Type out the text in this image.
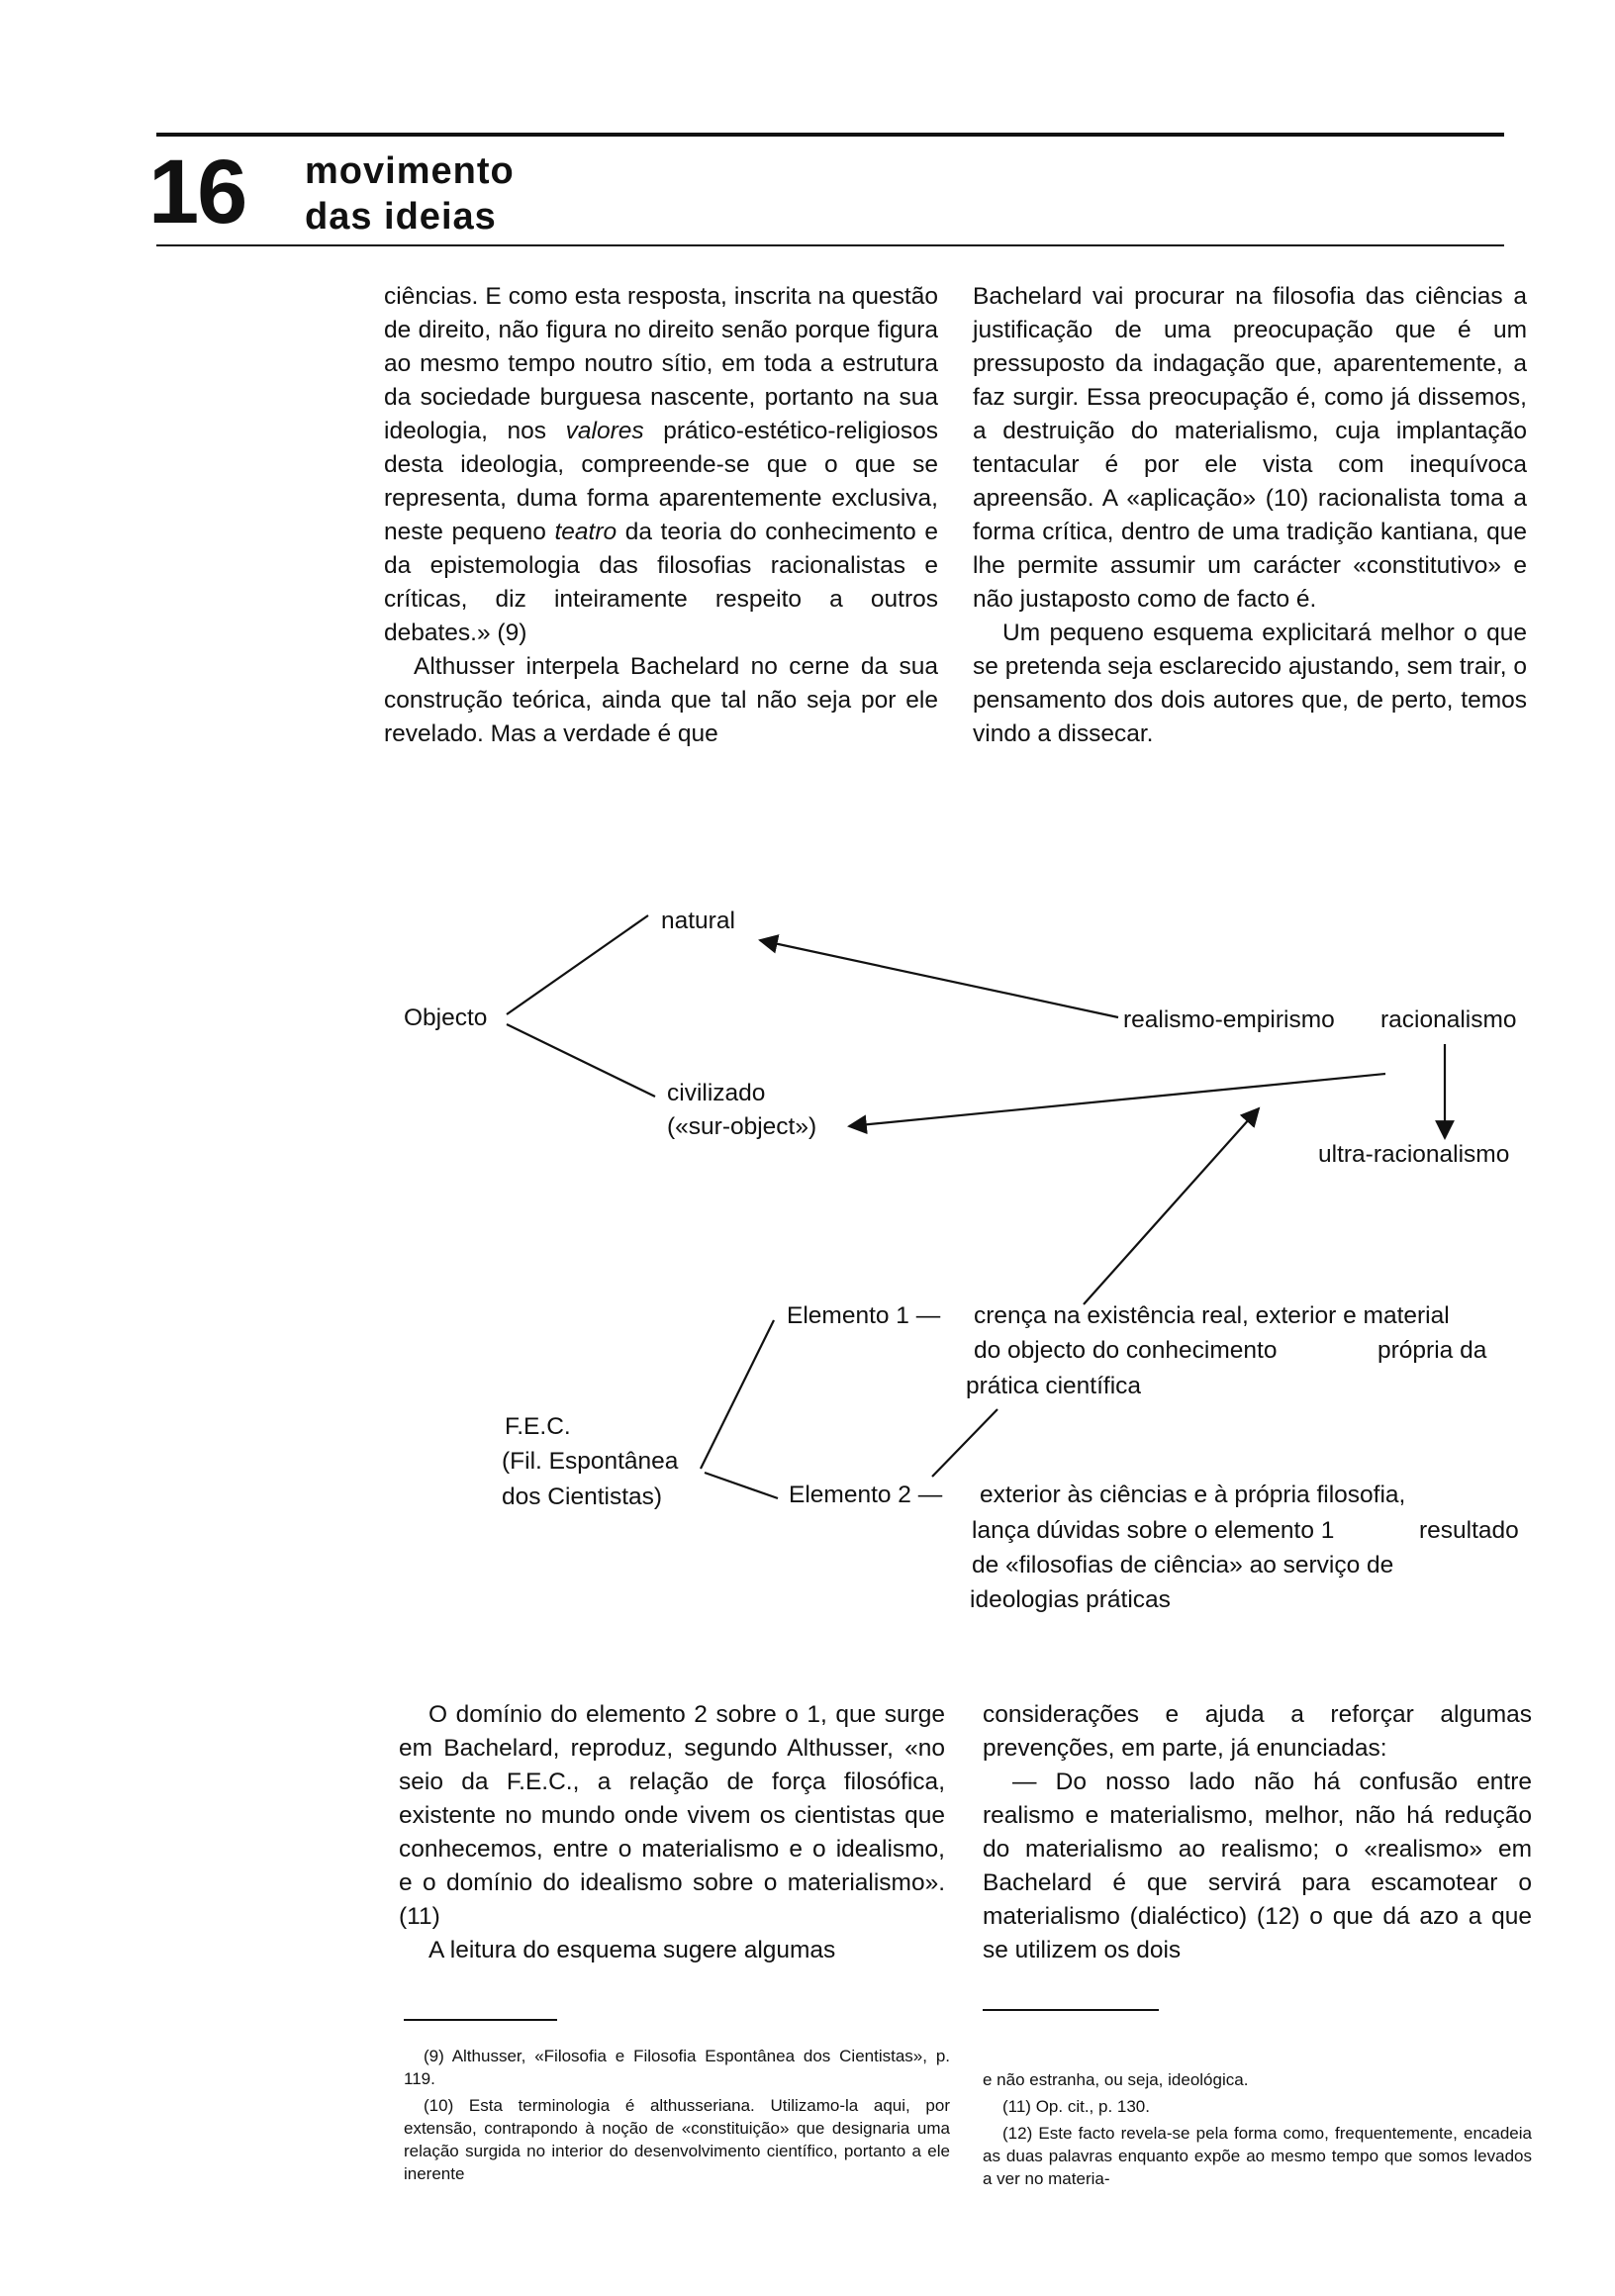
16 movimento
das ideias

ciências. E como esta resposta, inscrita na questão de direito, não figura no direito senão porque figura ao mesmo tempo noutro sítio, em toda a estrutura da sociedade burguesa nascente, portanto na sua ideologia, nos valores prático-estético-religiosos desta ideologia, compreende-se que o que se representa, duma forma aparentemente exclusiva, neste pequeno teatro da teoria do conhecimento e da epistemologia das filosofias racionalistas e críticas, diz inteiramente respeito a outros debates.» (9)

Althusser interpela Bachelard no cerne da sua construção teórica, ainda que tal não seja por ele revelado. Mas a verdade é que

Bachelard vai procurar na filosofia das ciências a justificação de uma preocupação que é um pressuposto da indagação que, aparentemente, a faz surgir. Essa preocupação é, como já dissemos, a destruição do materialismo, cuja implantação tentacular é por ele vista com inequívoca apreensão. A «aplicação» (10) racionalista toma a forma crítica, dentro de uma tradição kantiana, que lhe permite assumir um carácter «constitutivo» e não justaposto como de facto é.

Um pequeno esquema explicitará melhor o que se pretenda seja esclarecido ajustando, sem trair, o pensamento dos dois autores que, de perto, temos vindo a dissecar.

Objecto
natural
civilizado
(«sur-object»)
realismo-empirismo racionalismo
ultra-racionalismo
F.E.C.
(Fil. Espontânea
dos Cientistas)
Elemento 1 — crença na existência real, exterior e material
do objecto do conhecimento	própria da
prática científica
Elemento 2 — exterior às ciências e à própria filosofia,
lança dúvidas sobre o elemento 1	resultado
de «filosofias de ciência» ao serviço de
ideologias práticas

O domínio do elemento 2 sobre o 1, que surge em Bachelard, reproduz, segundo Althusser, «no seio da F.E.C., a relação de força filosófica, existente no mundo onde vivem os cientistas que conhecemos, entre o materialismo e o idealismo, e o domínio do idealismo sobre o materialismo». (11)

A leitura do esquema sugere algumas

considerações e ajuda a reforçar algumas prevenções, em parte, já enunciadas:

— Do nosso lado não há confusão entre realismo e materialismo, melhor, não há redução do materialismo ao realismo; o «realismo» em Bachelard é que servirá para escamotear o materialismo (dialéctico) (12) o que dá azo a que se utilizem os dois

(9) Althusser, «Filosofia e Filosofia Espontânea dos Cientistas», p. 119.

(10) Esta terminologia é althusseriana. Utilizamo-la aqui, por extensão, contrapondo à noção de «constituição» que designaria uma relação surgida no interior do desenvolvimento científico, portanto a ele inerente

e não estranha, ou seja, ideológica.

(11) Op. cit., p. 130.

(12) Este facto revela-se pela forma como, frequentemente, encadeia as duas palavras enquanto expõe ao mesmo tempo que somos levados a ver no materia-
